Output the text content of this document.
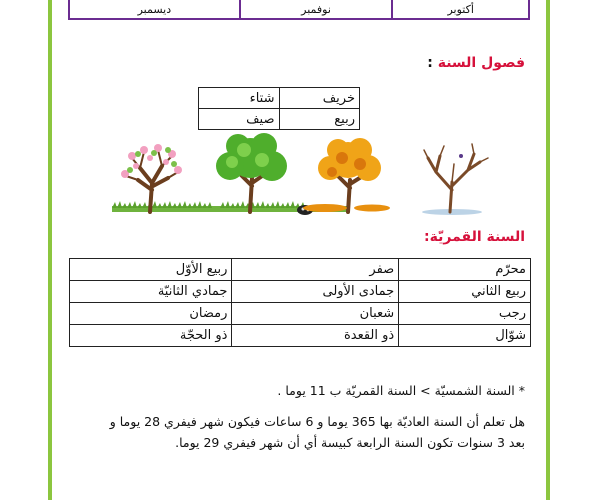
أكتوبر	نوفمبر	ديسمبر
فصول السنة :
خريف	شتاء
ربيع	صيف
السنة القمريّة:
محرّم	صفر	ربيع الأوّل
ربيع الثاني	جمادى الأولى	جمادي الثانيّة
رجب	شعبان	رمضان
شوّال	ذو القعدة	ذو الحجّة
* السنة الشمسيّة > السنة القمريّة ب 11 يوما .
هل تعلم أن السنة العاديّة بها 365 يوما و 6 ساعات فيكون شهر فيفري 28 يوما و
بعد 3 سنوات تكون السنة الرابعة كبيسة أي أن شهر فيفري 29 يوما.
